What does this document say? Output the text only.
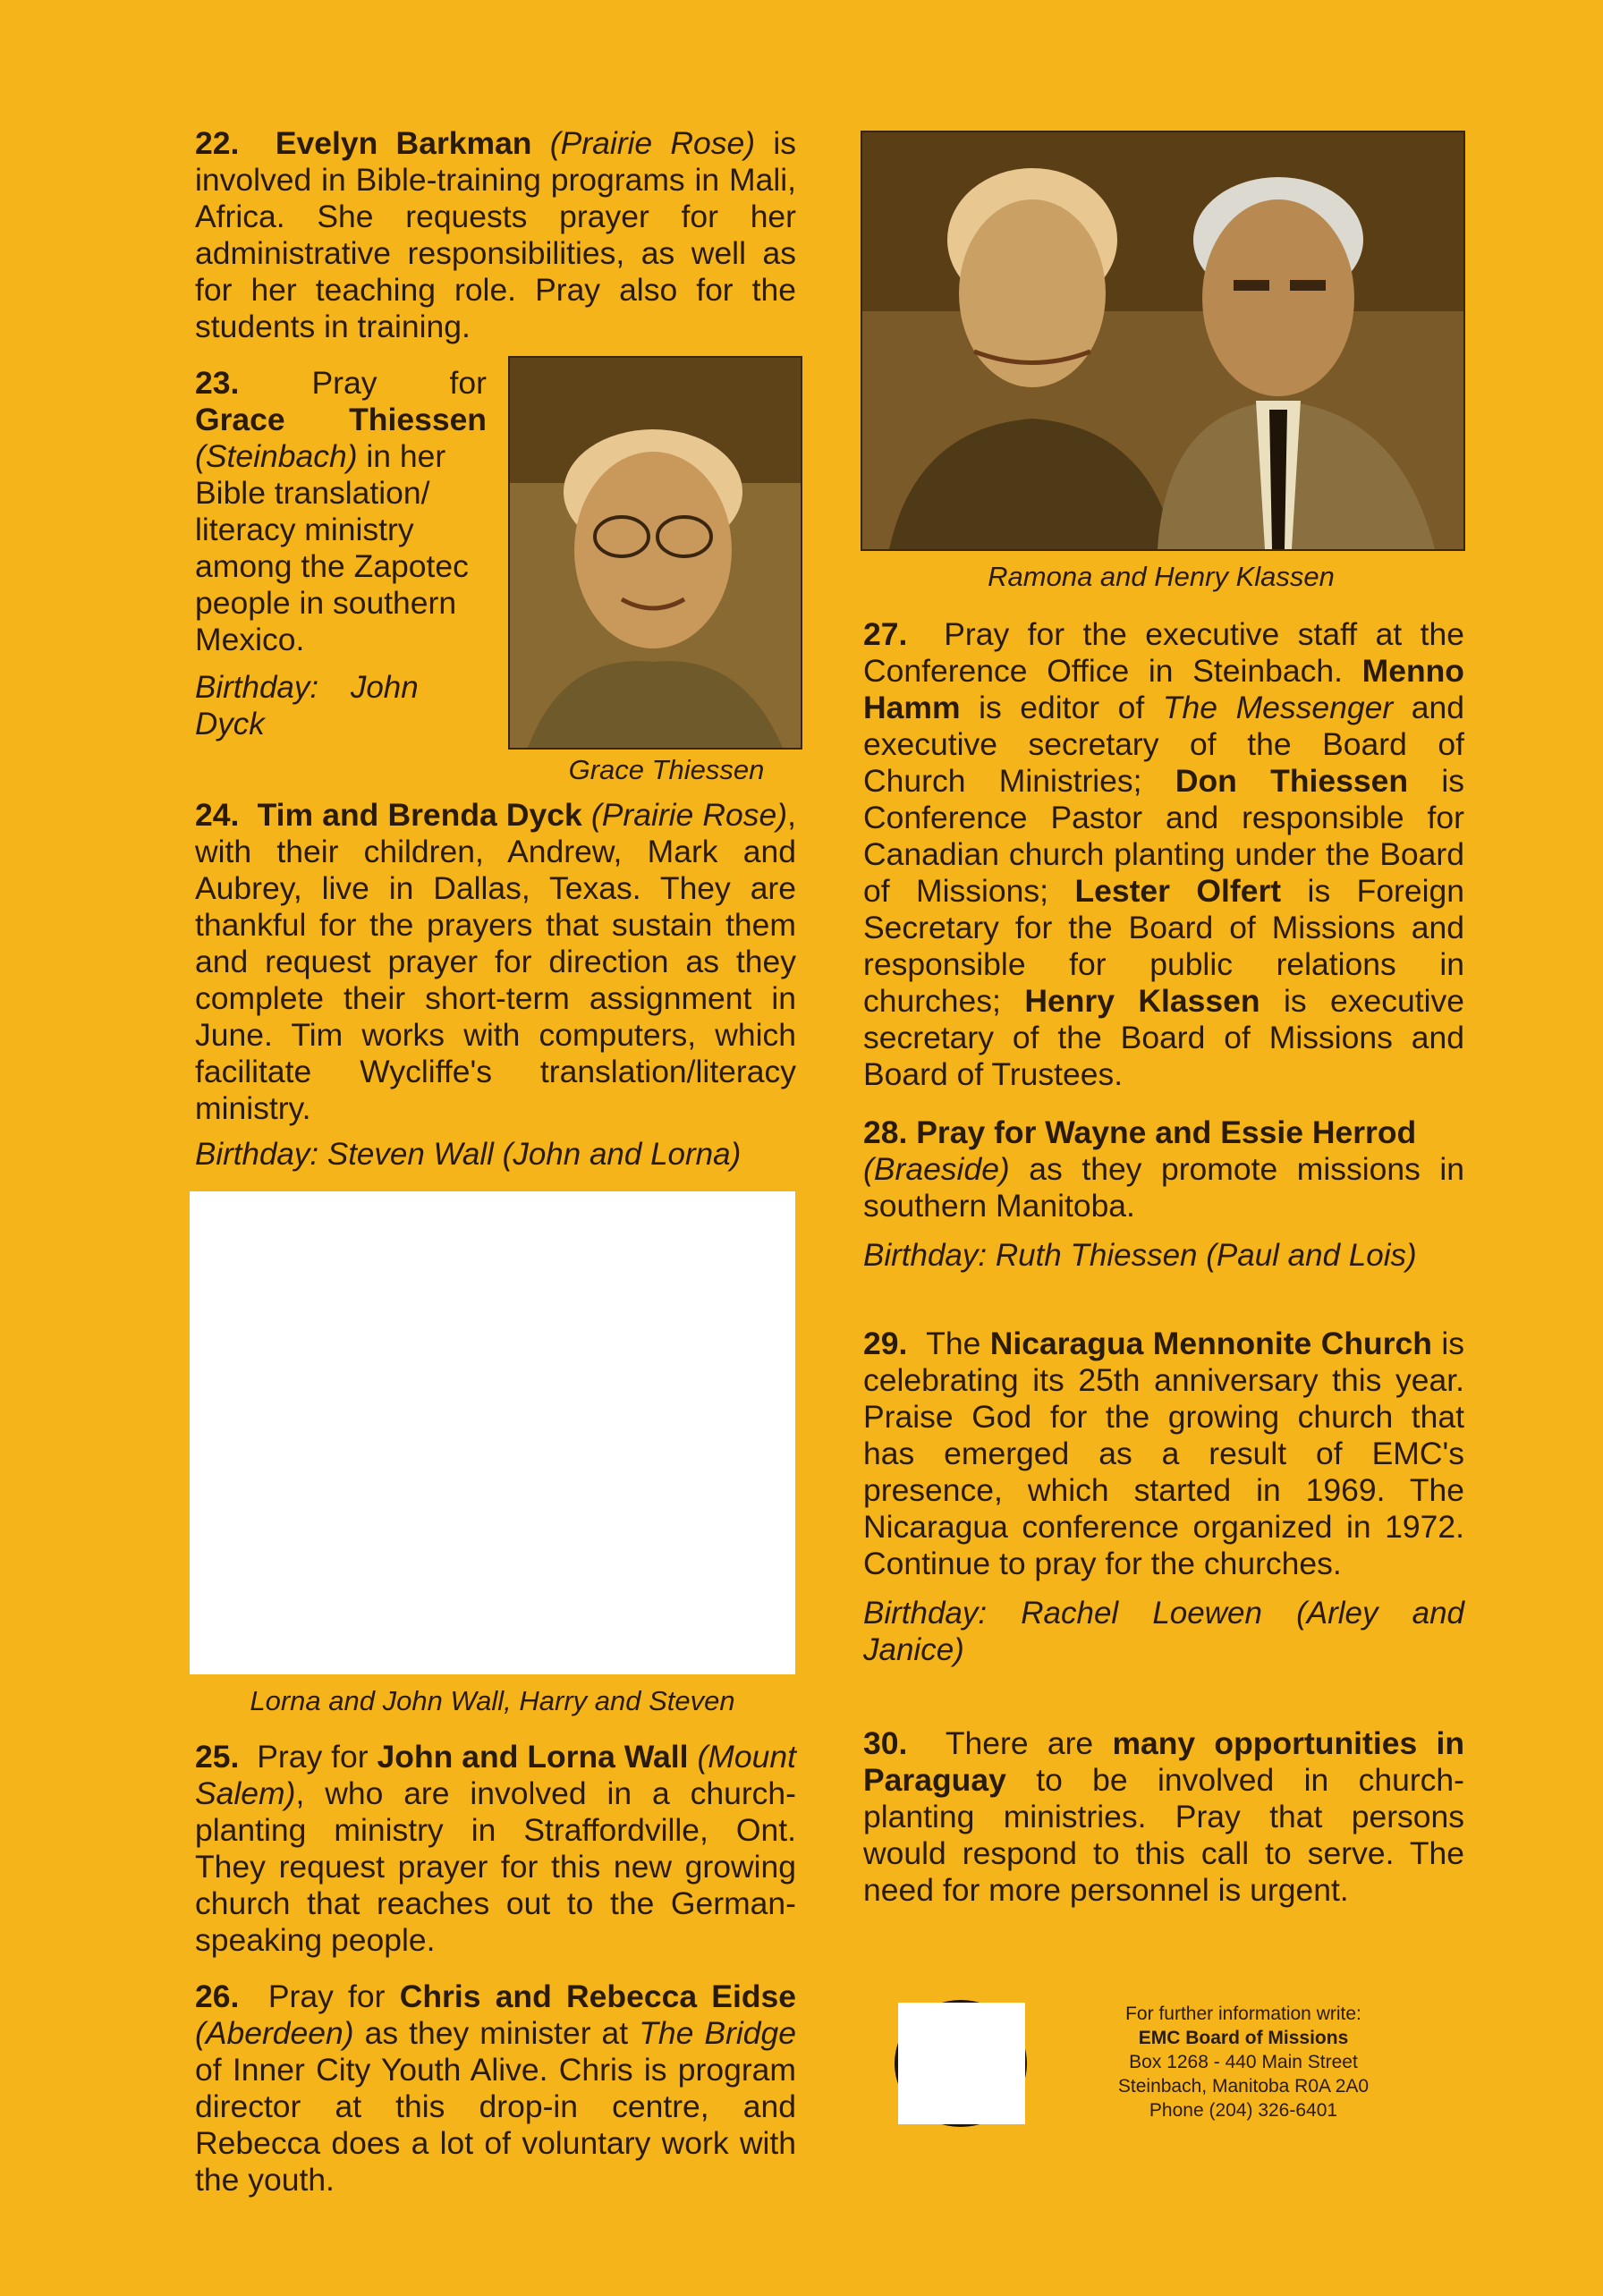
22. Evelyn Barkman (Prairie Rose) is involved in Bible-training programs in Mali, Africa. She requests prayer for her administrative responsibilities, as well as for her teaching role. Pray also for the students in training.

23. Pray for

Grace Thiessen

(Steinbach) in her Bible translation/ literacy ministry among the Zapotec people in southern Mexico.

Birthday: John Dyck

Grace Thiessen

24. Tim and Brenda Dyck (Prairie Rose), with their children, Andrew, Mark and Aubrey, live in Dallas, Texas. They are thankful for the prayers that sustain them and request prayer for direction as they complete their short-term assignment in June. Tim works with computers, which facilitate Wycliffe's translation/literacy ministry.

Birthday: Steven Wall (John and Lorna)

Lorna and John Wall, Harry and Steven

25. Pray for John and Lorna Wall (Mount Salem), who are involved in a church-planting ministry in Straffordville, Ont. They request prayer for this new growing church that reaches out to the German-speaking people.

26. Pray for Chris and Rebecca Eidse (Aberdeen) as they minister at The Bridge of Inner City Youth Alive. Chris is program director at this drop-in centre, and Rebecca does a lot of voluntary work with the youth.

Ramona and Henry Klassen

27. Pray for the executive staff at the Conference Office in Steinbach. Menno Hamm is editor of The Messenger and executive secretary of the Board of Church Ministries; Don Thiessen is Conference Pastor and responsible for Canadian church planting under the Board of Missions; Lester Olfert is Foreign Secretary for the Board of Missions and responsible for public relations in churches; Henry Klassen is executive secretary of the Board of Missions and Board of Trustees.

28. Pray for Wayne and Essie Herrod
(Braeside) as they promote missions in southern Manitoba.

Birthday: Ruth Thiessen (Paul and Lois)

29. The Nicaragua Mennonite Church is celebrating its 25th anniversary this year. Praise God for the growing church that has emerged as a result of EMC's presence, which started in 1969. The Nicaragua conference organized in 1972. Continue to pray for the churches.

Birthday: Rachel Loewen (Arley and Janice)

30. There are many opportunities in Paraguay to be involved in church-planting ministries. Pray that persons would respond to this call to serve. The need for more personnel is urgent.

For further information write:
EMC Board of Missions
Box 1268 - 440 Main Street
Steinbach, Manitoba R0A 2A0
Phone (204) 326-6401
